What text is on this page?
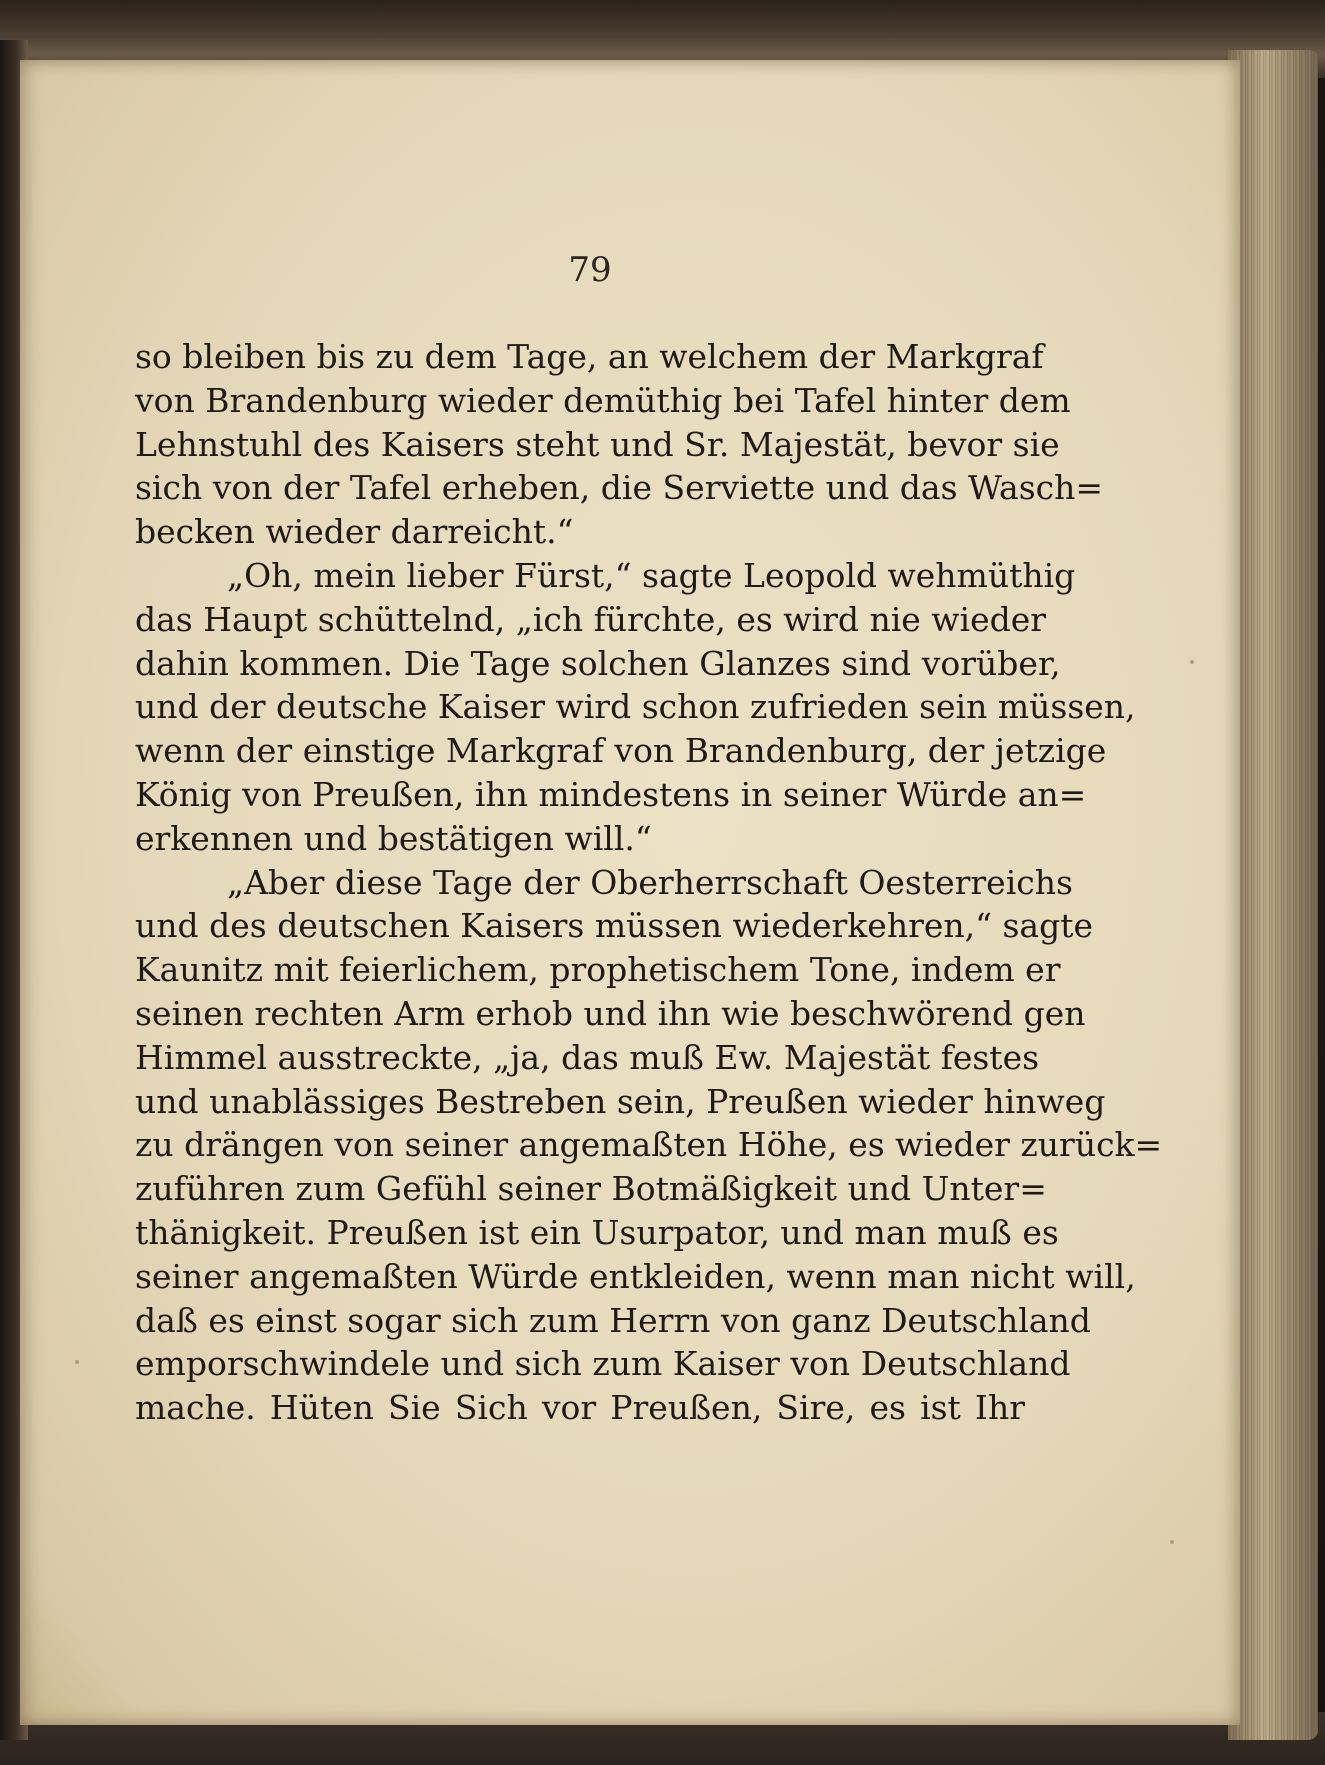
79
so bleiben bis zu dem Tage, an welchem der Markgraf
von Brandenburg wieder demüthig bei Tafel hinter dem
Lehnstuhl des Kaisers steht und Sr. Majestät, bevor sie
sich von der Tafel erheben, die Serviette und das Wasch=
becken wieder darreicht.“
„Oh, mein lieber Fürst,“ sagte Leopold wehmüthig
das Haupt schüttelnd, „ich fürchte, es wird nie wieder
dahin kommen. Die Tage solchen Glanzes sind vorüber,
und der deutsche Kaiser wird schon zufrieden sein müssen,
wenn der einstige Markgraf von Brandenburg, der jetzige
König von Preußen, ihn mindestens in seiner Würde an=
erkennen und bestätigen will.“
„Aber diese Tage der Oberherrschaft Oesterreichs
und des deutschen Kaisers müssen wiederkehren,“ sagte
Kaunitz mit feierlichem, prophetischem Tone, indem er
seinen rechten Arm erhob und ihn wie beschwörend gen
Himmel ausstreckte, „ja, das muß Ew. Majestät festes
und unablässiges Bestreben sein, Preußen wieder hinweg
zu drängen von seiner angemaßten Höhe, es wieder zurück=
zuführen zum Gefühl seiner Botmäßigkeit und Unter=
thänigkeit. Preußen ist ein Usurpator, und man muß es
seiner angemaßten Würde entkleiden, wenn man nicht will,
daß es einst sogar sich zum Herrn von ganz Deutschland
emporschwindele und sich zum Kaiser von Deutschland
mache. Hüten Sie Sich vor Preußen, Sire, es ist Ihr
